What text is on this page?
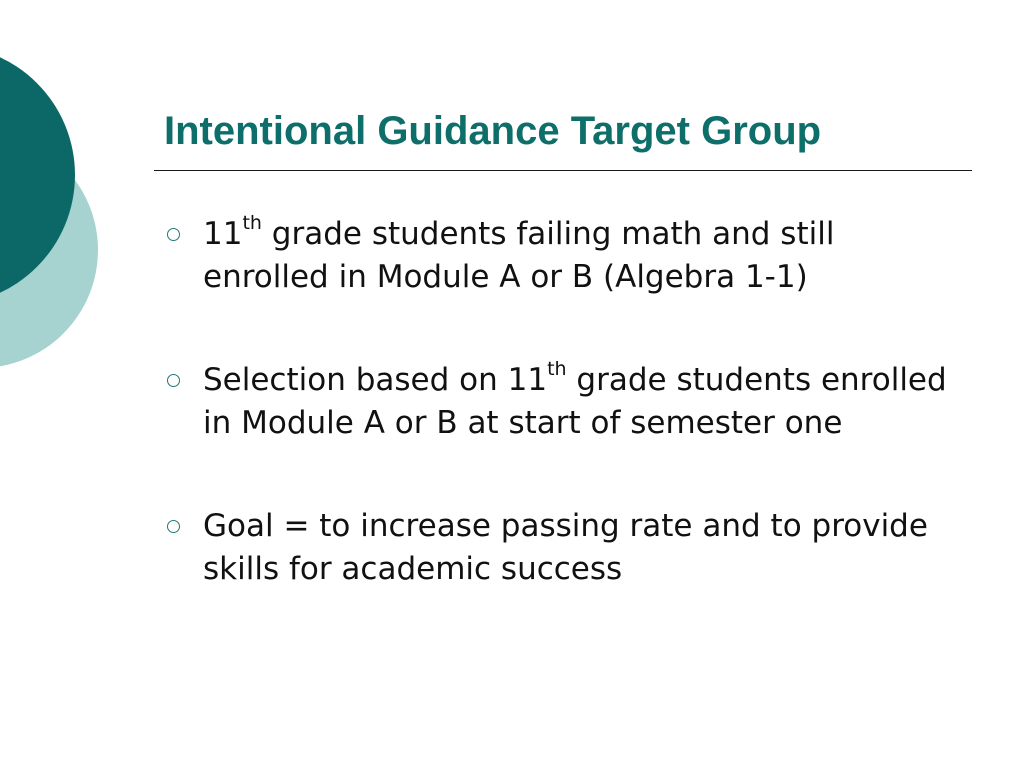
Intentional Guidance Target Group
11th grade students failing math and still enrolled in Module A or B (Algebra 1-1)
Selection based on 11th grade students enrolled in Module A or B at start of semester one
Goal = to increase passing rate and to provide skills for academic success
